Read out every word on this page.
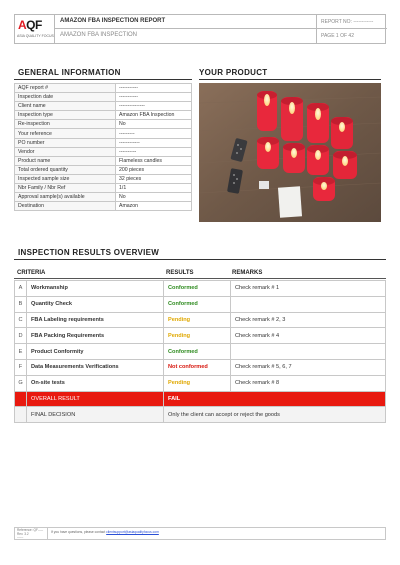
AQF
ASIA QUALITY FOCUS
AMAZON FBA INSPECTION REPORT
AMAZON FBA INSPECTION
REPORT NO: ------------
PAGE 1 OF 42
GENERAL INFORMATION
AQF report #	-----------
Inspection date	-----------
Client name	---------------
Inspection type	Amazon FBA Inspection
Re-inspection	No
Your reference	---------
PO number	------------
Vendor	----------
Product name	Flameless candles
Total ordered quantity	200 pieces
Inspected sample size	32 pieces
Nbr Family / Nbr Ref	1/1
Approval sample(s) available	No
Destination	Amazon
YOUR PRODUCT
INSPECTION RESULTS OVERVIEW
CRITERIA	RESULTS	REMARKS
A	Workmanship	Conformed	Check remark # 1
B	Quantity Check	Conformed	
C	FBA Labeling requirements	Pending	Check remark # 2, 3
D	FBA Packing Requirements	Pending	Check remark # 4
E	Product Conformity	Conformed	
F	Data Measurements Verifications	Not conformed	Check remark # 5, 6, 7
G	On-site tests	Pending	Check remark # 8
	OVERALL RESULT	FAIL	
	FINAL DECISION	Only the client can accept or reject the goods	
Reference: QF-----
Rev. 3.2
------
If you have questions, please contact clientsupport@asiaqualityfocus.com
